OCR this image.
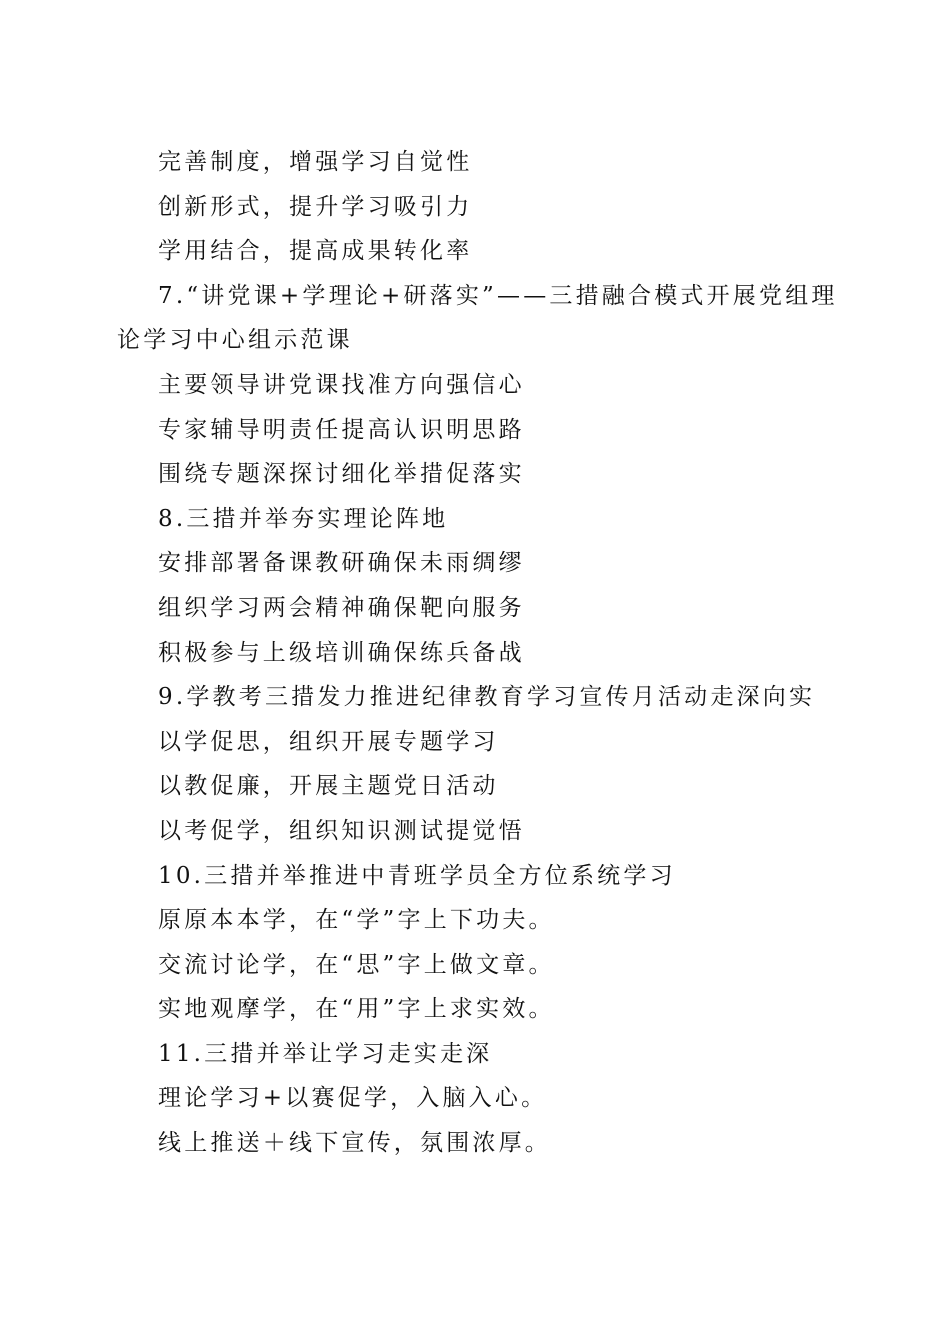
完善制度，增强学习自觉性
创新形式，提升学习吸引力
学用结合，提高成果转化率
7.“讲党课+学理论+研落实”——三措融合模式开展党组理
论学习中心组示范课
主要领导讲党课找准方向强信心
专家辅导明责任提高认识明思路
围绕专题深探讨细化举措促落实
8.三措并举夯实理论阵地
安排部署备课教研确保未雨绸缪
组织学习两会精神确保靶向服务
积极参与上级培训确保练兵备战
9.学教考三措发力推进纪律教育学习宣传月活动走深向实
以学促思，组织开展专题学习
以教促廉，开展主题党日活动
以考促学，组织知识测试提觉悟
10.三措并举推进中青班学员全方位系统学习
原原本本学，在“学”字上下功夫。
交流讨论学，在“思”字上做文章。
实地观摩学，在“用”字上求实效。
11.三措并举让学习走实走深
理论学习+以赛促学，入脑入心。
线上推送＋线下宣传，氛围浓厚。
